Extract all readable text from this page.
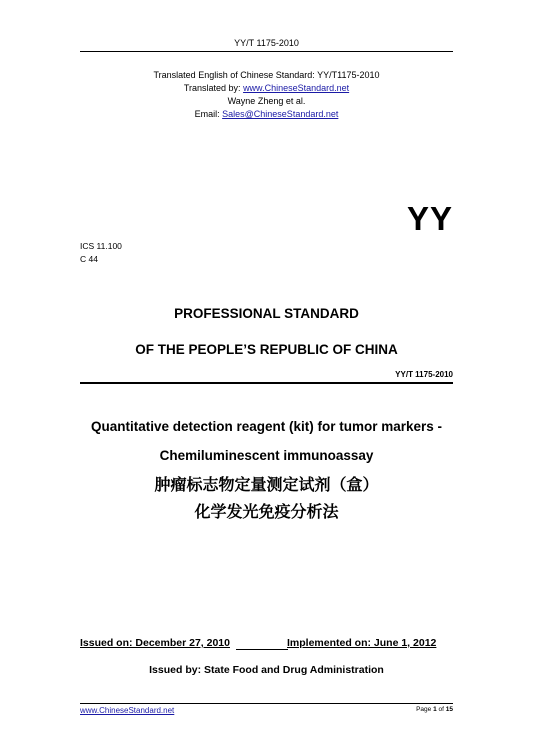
YY/T 1175-2010
Translated English of Chinese Standard: YY/T1175-2010
Translated by: www.ChineseStandard.net
Wayne Zheng et al.
Email: Sales@ChineseStandard.net
YY
ICS 11.100
C 44
PROFESSIONAL STANDARD
OF THE PEOPLE’S REPUBLIC OF CHINA
YY/T 1175-2010
Quantitative detection reagent (kit) for tumor markers -
Chemiluminescent immunoassay
肿瘤标志物定量测定试剂（盒）
化学发光免疫分析法
Issued on: December 27, 2010	Implemented on: June 1, 2012
Issued by: State Food and Drug Administration
www.ChineseStandard.net	Page 1 of 15
